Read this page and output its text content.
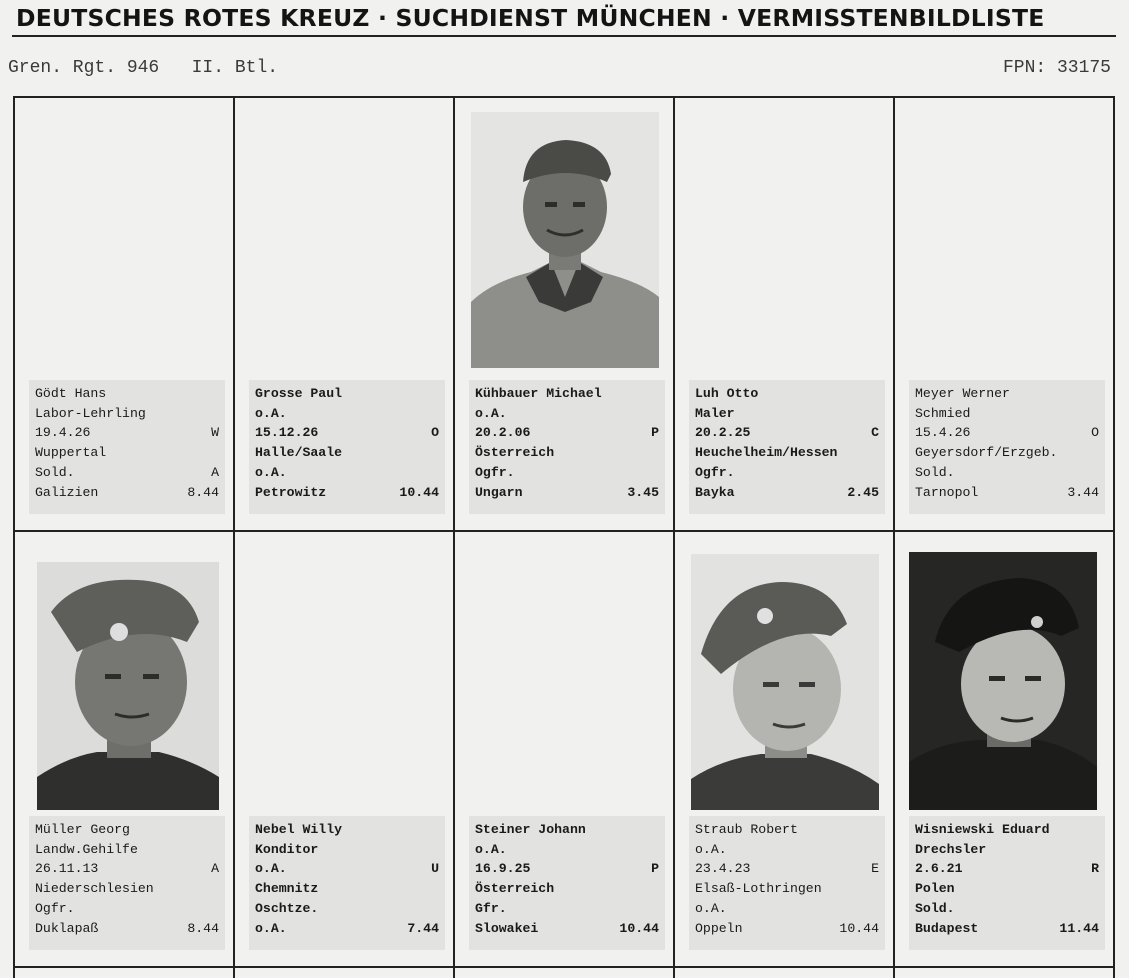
DEUTSCHES ROTES KREUZ · SUCHDIENST MÜNCHEN · VERMISSTENBILDLISTE
Gren. Rgt. 946   II. Btl.	FPN: 33175
Gödt Hans
Labor-Lehrling
19.4.26	W
Wuppertal
Sold.	A
Galizien	8.44
Grosse Paul
o.A.
15.12.26	O
Halle/Saale
o.A.
Petrowitz	10.44
Kühbauer Michael
o.A.
20.2.06	P
Österreich
Ogfr.
Ungarn	3.45
Luh Otto
Maler
20.2.25	C
Heuchelheim/Hessen
Ogfr.
Bayka	2.45
Meyer Werner
Schmied
15.4.26	O
Geyersdorf/Erzgeb.
Sold.
Tarnopol	3.44
Müller Georg
Landw.Gehilfe
26.11.13	A
Niederschlesien
Ogfr.
Duklapaß	8.44
Nebel Willy
Konditor
o.A.	U
Chemnitz
Oschtze.
o.A.	7.44
Steiner Johann
o.A.
16.9.25	P
Österreich
Gfr.
Slowakei	10.44
Straub Robert
o.A.
23.4.23	E
Elsaß-Lothringen
o.A.
Oppeln	10.44
Wisniewski Eduard
Drechsler
2.6.21	R
Polen
Sold.
Budapest	11.44
